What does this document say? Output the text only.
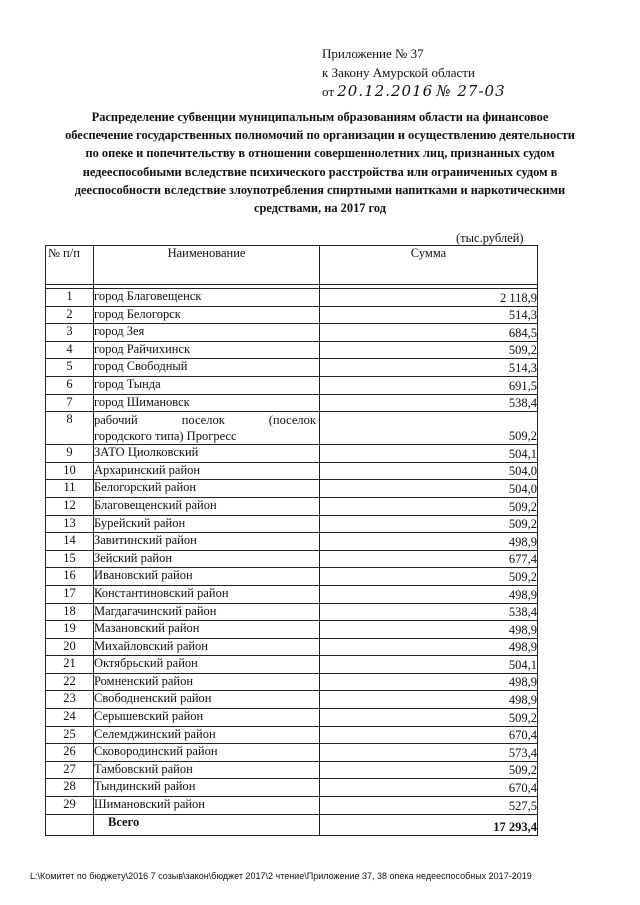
Приложение № 37
к Закону Амурской области
от 20.12.2016 № 27-03
Распределение субвенции муниципальным образованиям области на финансовое обеспечение государственных полномочий по организации и осуществлению деятельности по опеке и попечительству в отношении совершеннолетних лиц, признанных судом недееспособными вследствие психического расстройства или ограниченных судом в дееспособности вследствие злоупотребления спиртными напитками и наркотическими средствами, на 2017 год
(тыс.рублей)
№ п/п	Наименование	Сумма

1	город Благовещенск	2 118,9
2	город Белогорск	514,3
3	город Зея	684,5
4	город Райчихинск	509,2
5	город Свободный	514,3
6	город Тында	691,5
7	город Шимановск	538,4
8	рабочий поселок (поселок
городского типа) Прогресс	509,2
9	ЗАТО Циолковский	504,1
10	Архаринский район	504,0
11	Белогорский район	504,0
12	Благовещенский район	509,2
13	Бурейский район	509,2
14	Завитинский район	498,9
15	Зейский район	677,4
16	Ивановский район	509,2
17	Константиновский район	498,9
18	Магдагачинский район	538,4
19	Мазановский район	498,9
20	Михайловский район	498,9
21	Октябрьский район	504,1
22	Ромненский район	498,9
23	Свободненский район	498,9
24	Серышевский район	509,2
25	Селемджинский район	670,4
26	Сковородинский район	573,4
27	Тамбовский район	509,2
28	Тындинский район	670,4
29	Шимановский район	527,5
	Всего	17 293,4
L:\Комитет по бюджету\2016 7 созыв\закон\бюджет 2017\2 чтение\Приложение 37, 38 опека недееспособных 2017-2019
